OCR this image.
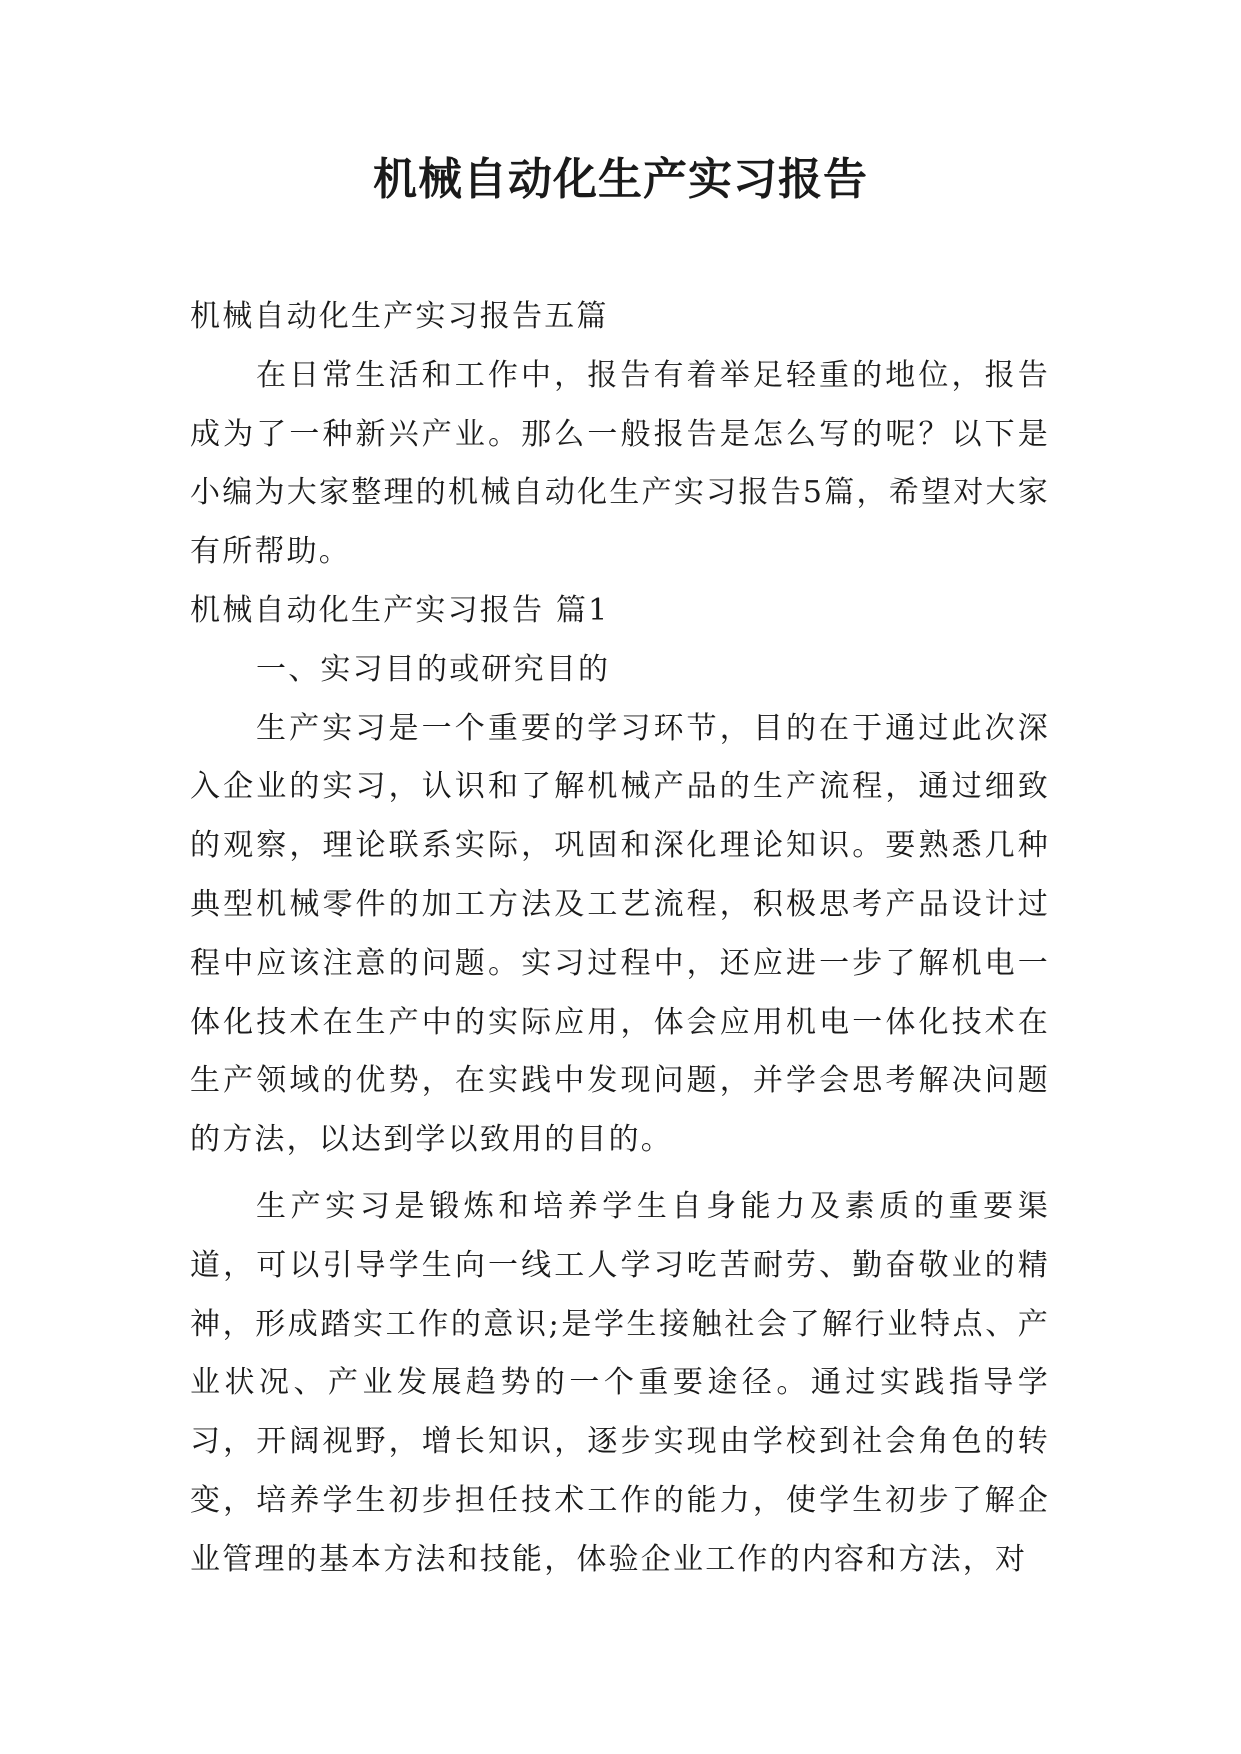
机械自动化生产实习报告

机械自动化生产实习报告五篇

在日常生活和工作中，报告有着举足轻重的地位，报告成为了一种新兴产业。那么一般报告是怎么写的呢？以下是小编为大家整理的机械自动化生产实习报告5篇，希望对大家有所帮助。

机械自动化生产实习报告 篇1

一、实习目的或研究目的

生产实习是一个重要的学习环节，目的在于通过此次深入企业的实习，认识和了解机械产品的生产流程，通过细致的观察，理论联系实际，巩固和深化理论知识。要熟悉几种典型机械零件的加工方法及工艺流程，积极思考产品设计过程中应该注意的问题。实习过程中，还应进一步了解机电一体化技术在生产中的实际应用，体会应用机电一体化技术在生产领域的优势，在实践中发现问题，并学会思考解决问题的方法，以达到学以致用的目的。

生产实习是锻炼和培养学生自身能力及素质的重要渠道，可以引导学生向一线工人学习吃苦耐劳、勤奋敬业的精神，形成踏实工作的意识;是学生接触社会了解行业特点、产业状况、产业发展趋势的一个重要途径。通过实践指导学习，开阔视野，增长知识，逐步实现由学校到社会角色的转变，培养学生初步担任技术工作的能力，使学生初步了解企业管理的基本方法和技能，体验企业工作的内容和方法，对
